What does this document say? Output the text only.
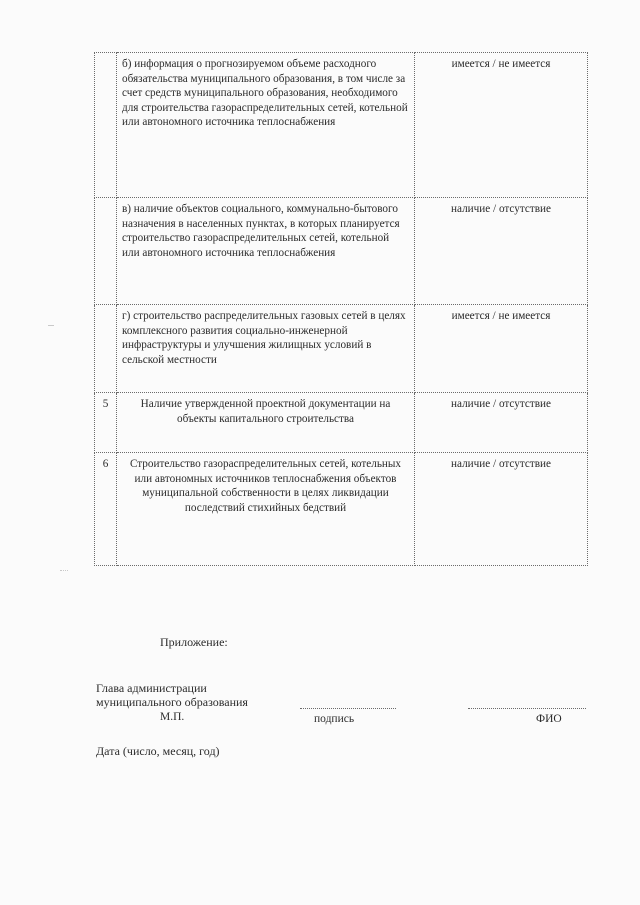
	б) информация о прогнозируемом объеме расходного обязательства муниципального образования, в том числе за счет средств муниципального образования, необходимого для строительства газораспределительных сетей, котельной или автономного источника теплоснабжения	имеется / не имеется
	в) наличие объектов социального, коммунально-бытового назначения в населенных пунктах, в которых планируется строительство газораспределительных сетей, котельной или автономного источника теплоснабжения	наличие / отсутствие
	г) строительство распределительных газовых сетей в целях комплексного развития социально-инженерной инфраструктуры и улучшения жилищных условий в сельской местности	имеется / не имеется
5	Наличие утвержденной проектной документации на объекты капитального строительства	наличие / отсутствие
6	Строительство газораспределительных сетей, котельных или автономных источников теплоснабжения объектов муниципальной собственности в целях ликвидации последствий стихийных бедствий	наличие / отсутствие
Приложение:
Глава администрации
муниципального образования
М.П.	подпись	ФИО
Дата (число, месяц, год)
